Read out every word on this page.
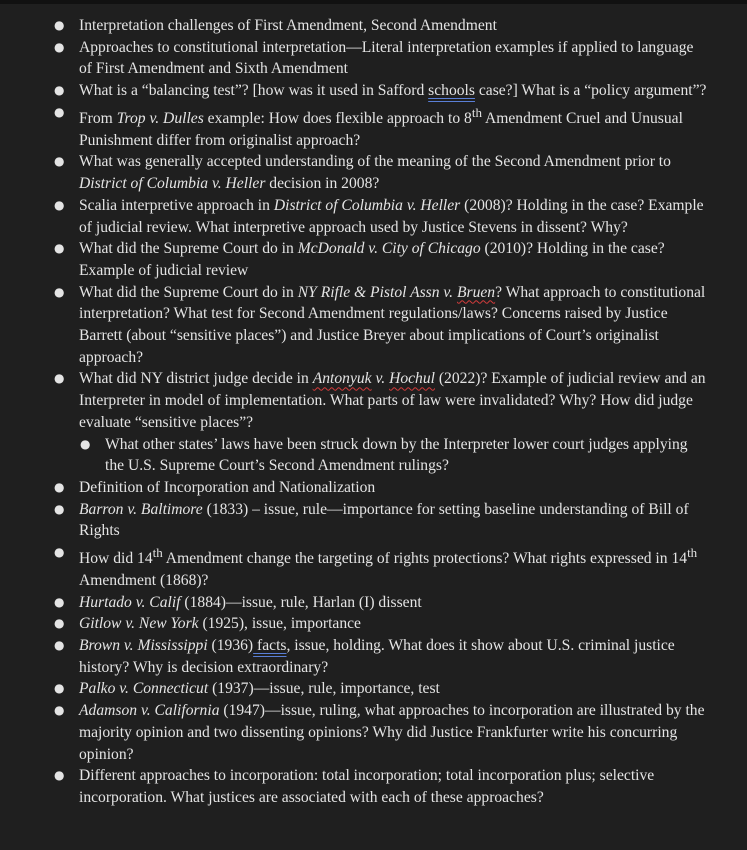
● Interpretation challenges of First Amendment, Second Amendment
● Approaches to constitutional interpretation—Literal interpretation examples if applied to language of First Amendment and Sixth Amendment
● What is a “balancing test”? [how was it used in Safford schools case?] What is a “policy argument”?
● From Trop v. Dulles example: How does flexible approach to 8th Amendment Cruel and Unusual Punishment differ from originalist approach?
● What was generally accepted understanding of the meaning of the Second Amendment prior to District of Columbia v. Heller decision in 2008?
● Scalia interpretive approach in District of Columbia v. Heller (2008)? Holding in the case? Example of judicial review. What interpretive approach used by Justice Stevens in dissent? Why?
● What did the Supreme Court do in McDonald v. City of Chicago (2010)? Holding in the case? Example of judicial review
● What did the Supreme Court do in NY Rifle & Pistol Assn v. Bruen? What approach to constitutional interpretation? What test for Second Amendment regulations/laws? Concerns raised by Justice Barrett (about “sensitive places”) and Justice Breyer about implications of Court’s originalist approach?
● What did NY district judge decide in Antonyuk v. Hochul (2022)? Example of judicial review and an Interpreter in model of implementation. What parts of law were invalidated? Why? How did judge evaluate “sensitive places”?
● What other states’ laws have been struck down by the Interpreter lower court judges applying the U.S. Supreme Court’s Second Amendment rulings?
● Definition of Incorporation and Nationalization
● Barron v. Baltimore (1833) – issue, rule—importance for setting baseline understanding of Bill of Rights
● How did 14th Amendment change the targeting of rights protections? What rights expressed in 14th Amendment (1868)?
● Hurtado v. Calif (1884)—issue, rule, Harlan (I) dissent
● Gitlow v. New York (1925), issue, importance
● Brown v. Mississippi (1936) facts, issue, holding. What does it show about U.S. criminal justice history? Why is decision extraordinary?
● Palko v. Connecticut (1937)—issue, rule, importance, test
● Adamson v. California (1947)—issue, ruling, what approaches to incorporation are illustrated by the majority opinion and two dissenting opinions? Why did Justice Frankfurter write his concurring opinion?
● Different approaches to incorporation: total incorporation; total incorporation plus; selective incorporation. What justices are associated with each of these approaches?
